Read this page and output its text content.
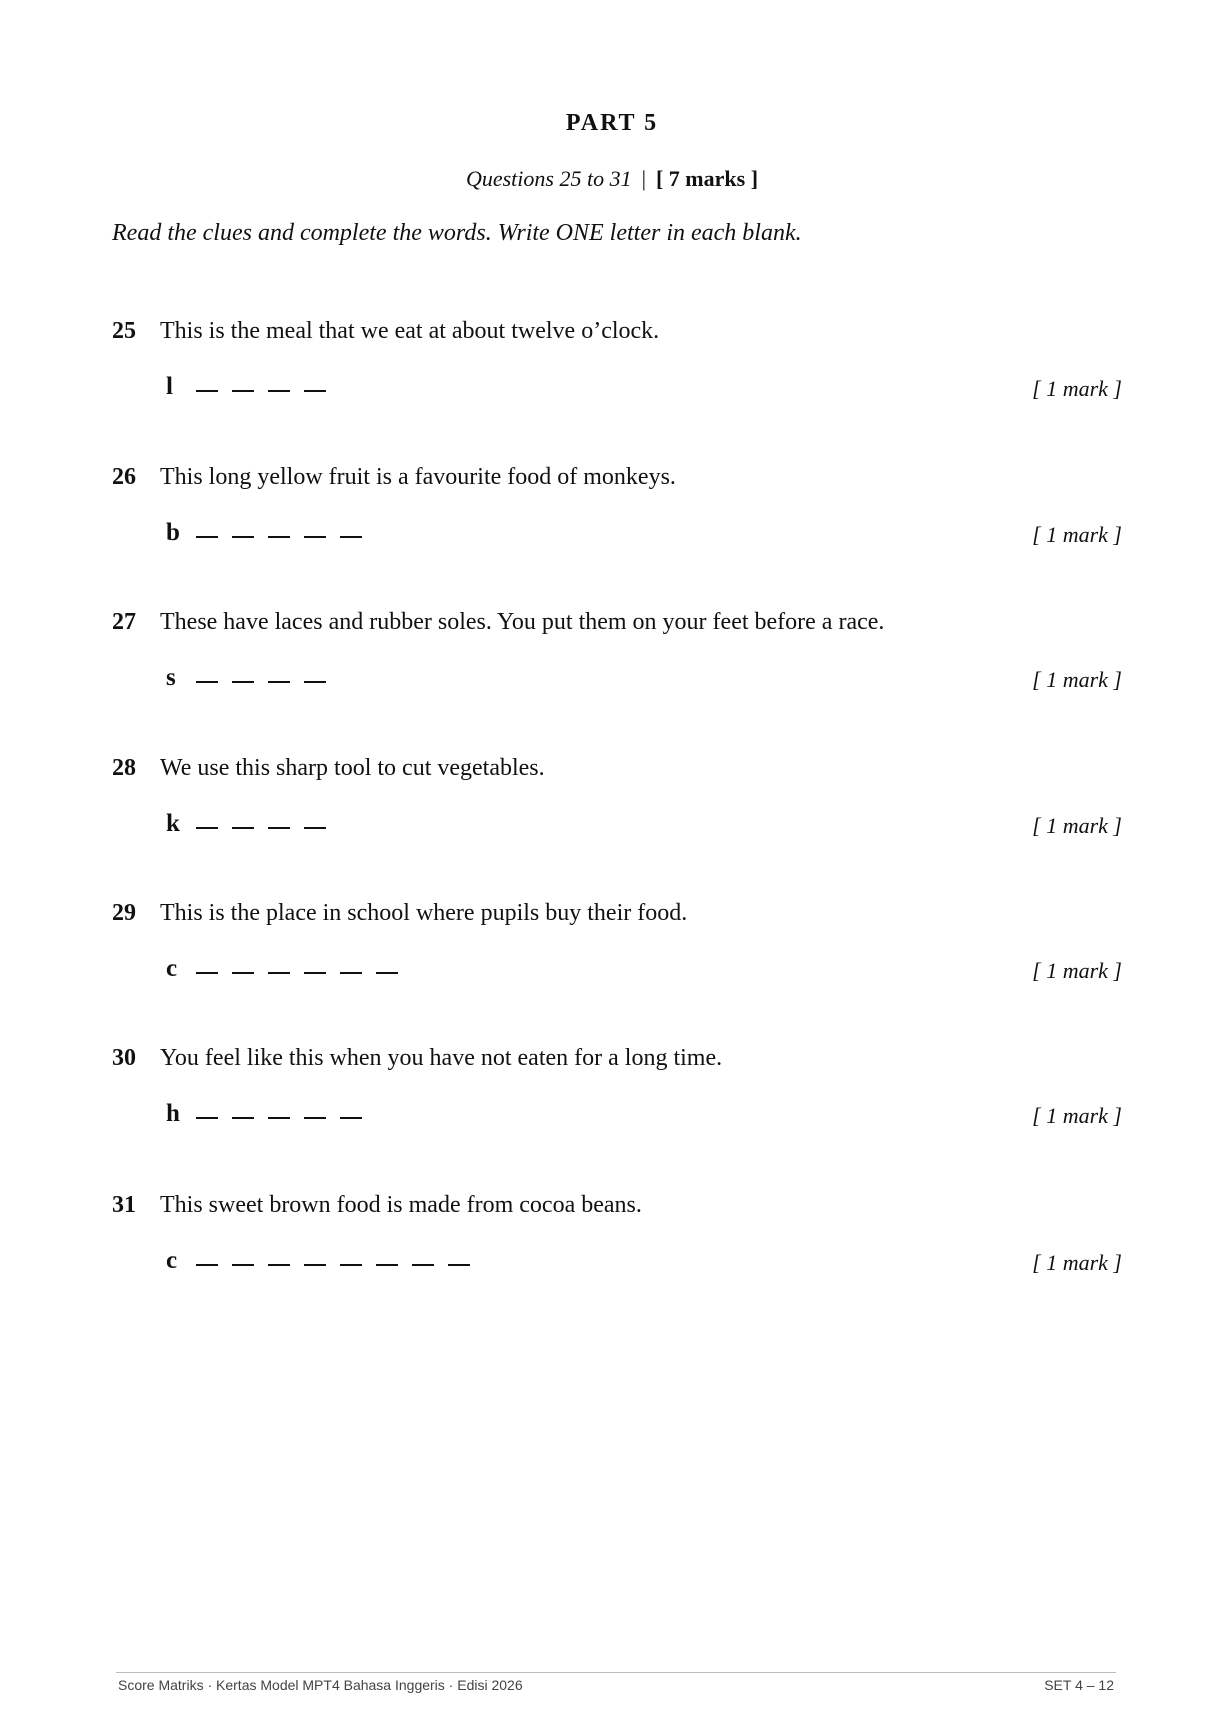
PART 5
Questions 25 to 31 | [ 7 marks ]
Read the clues and complete the words. Write ONE letter in each blank.
25	This is the meal that we eat at about twelve o’clock.
l	[ 1 mark ]
26	This long yellow fruit is a favourite food of monkeys.
b	[ 1 mark ]
27	These have laces and rubber soles. You put them on your feet before a race.
s	[ 1 mark ]
28	We use this sharp tool to cut vegetables.
k	[ 1 mark ]
29	This is the place in school where pupils buy their food.
c	[ 1 mark ]
30	You feel like this when you have not eaten for a long time.
h	[ 1 mark ]
31	This sweet brown food is made from cocoa beans.
c	[ 1 mark ]
Score Matriks · Kertas Model MPT4 Bahasa Inggeris · Edisi 2026	SET 4 – 12
